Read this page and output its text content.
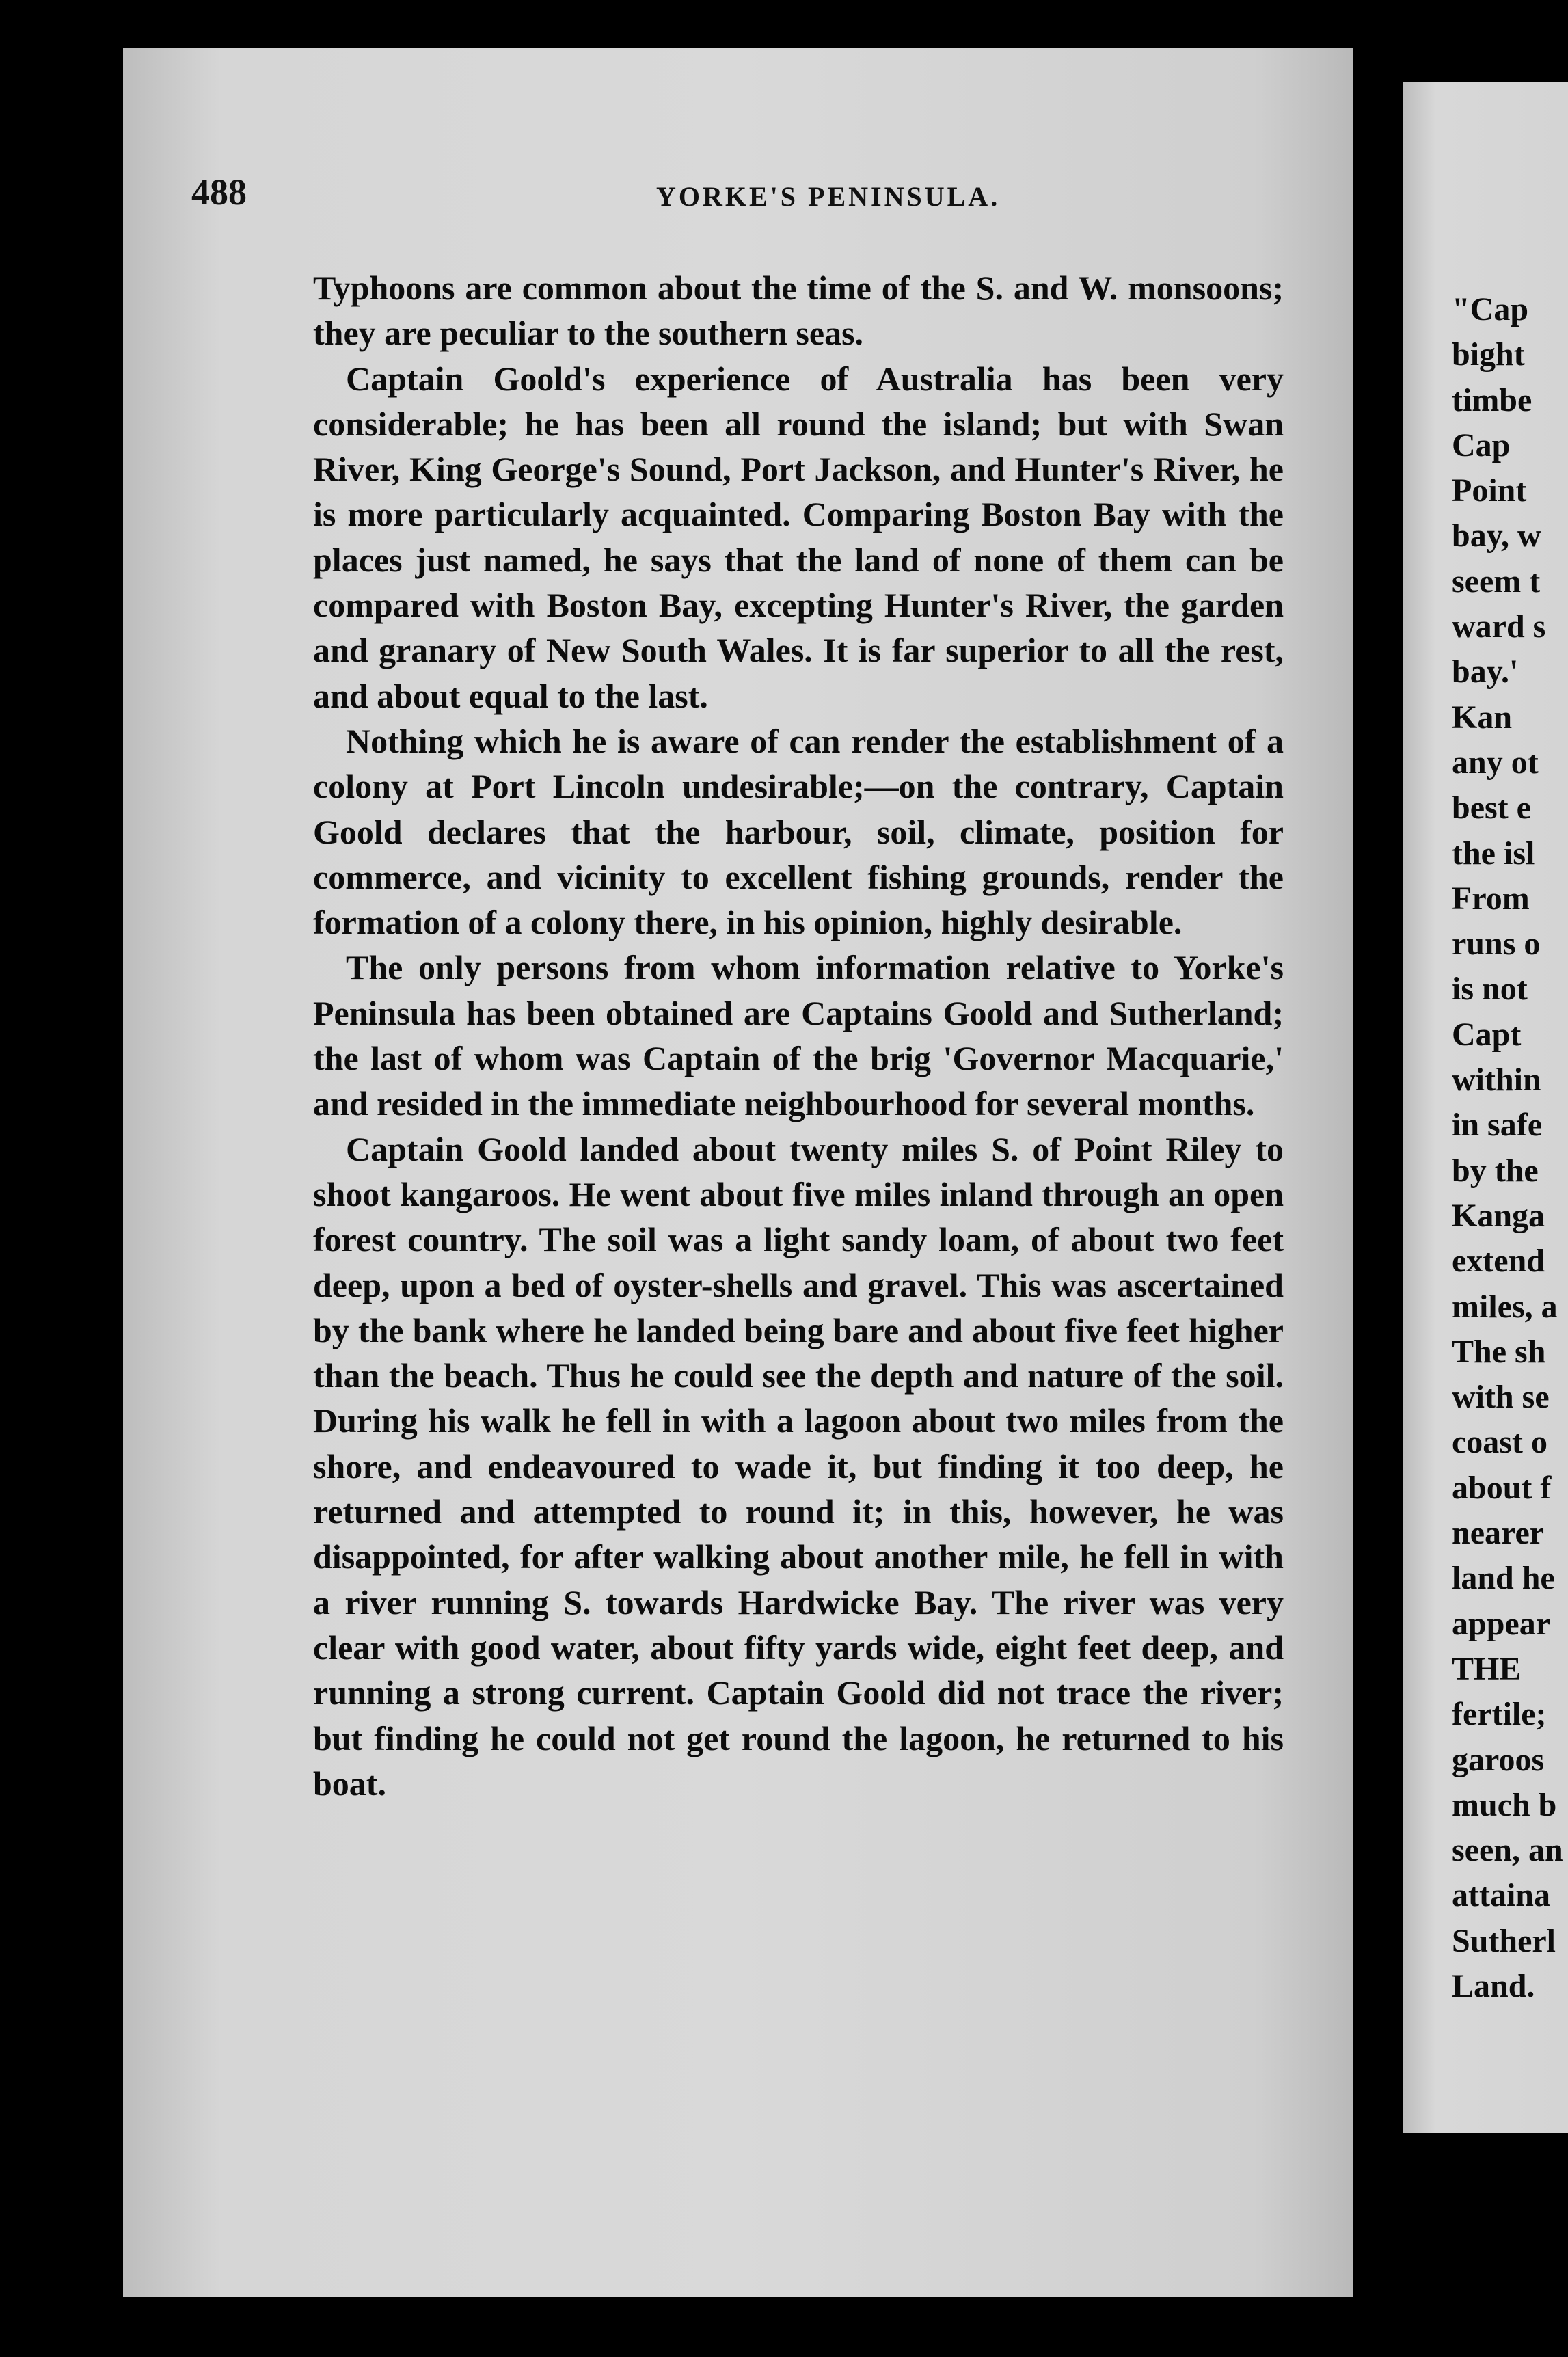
"Cap
bight
timbe
Cap
Point
bay, w
seem t
ward s
bay.'
Kan
any ot
best e
the isl
From
runs o
is not
Capt
within
in safe
by the
Kanga
extend
miles, a
The sh
with se
coast o
about f
nearer
land he
appear
THE
fertile;
garoos
much b
seen, an
attaina
Sutherl
Land.
488	YORKE'S PENINSULA.

Typhoons are common about the time of the S. and W. monsoons; they are peculiar to the southern seas.

Captain Goold's experience of Australia has been very considerable; he has been all round the island; but with Swan River, King George's Sound, Port Jackson, and Hunter's River, he is more particularly acquainted. Comparing Boston Bay with the places just named, he says that the land of none of them can be compared with Boston Bay, excepting Hunter's River, the garden and granary of New South Wales. It is far superior to all the rest, and about equal to the last.

Nothing which he is aware of can render the establishment of a colony at Port Lincoln undesirable;—on the contrary, Captain Goold declares that the harbour, soil, climate, position for commerce, and vicinity to excellent fishing grounds, render the formation of a colony there, in his opinion, highly desirable.

The only persons from whom information relative to Yorke's Peninsula has been obtained are Captains Goold and Sutherland; the last of whom was Captain of the brig 'Governor Macquarie,' and resided in the immediate neighbourhood for several months.

Captain Goold landed about twenty miles S. of Point Riley to shoot kangaroos. He went about five miles inland through an open forest country. The soil was a light sandy loam, of about two feet deep, upon a bed of oyster-shells and gravel. This was ascertained by the bank where he landed being bare and about five feet higher than the beach. Thus he could see the depth and nature of the soil. During his walk he fell in with a lagoon about two miles from the shore, and endeavoured to wade it, but finding it too deep, he returned and attempted to round it; in this, however, he was disappointed, for after walking about another mile, he fell in with a river running S. towards Hardwicke Bay. The river was very clear with good water, about fifty yards wide, eight feet deep, and running a strong current. Captain Goold did not trace the river; but finding he could not get round the lagoon, he returned to his boat.
